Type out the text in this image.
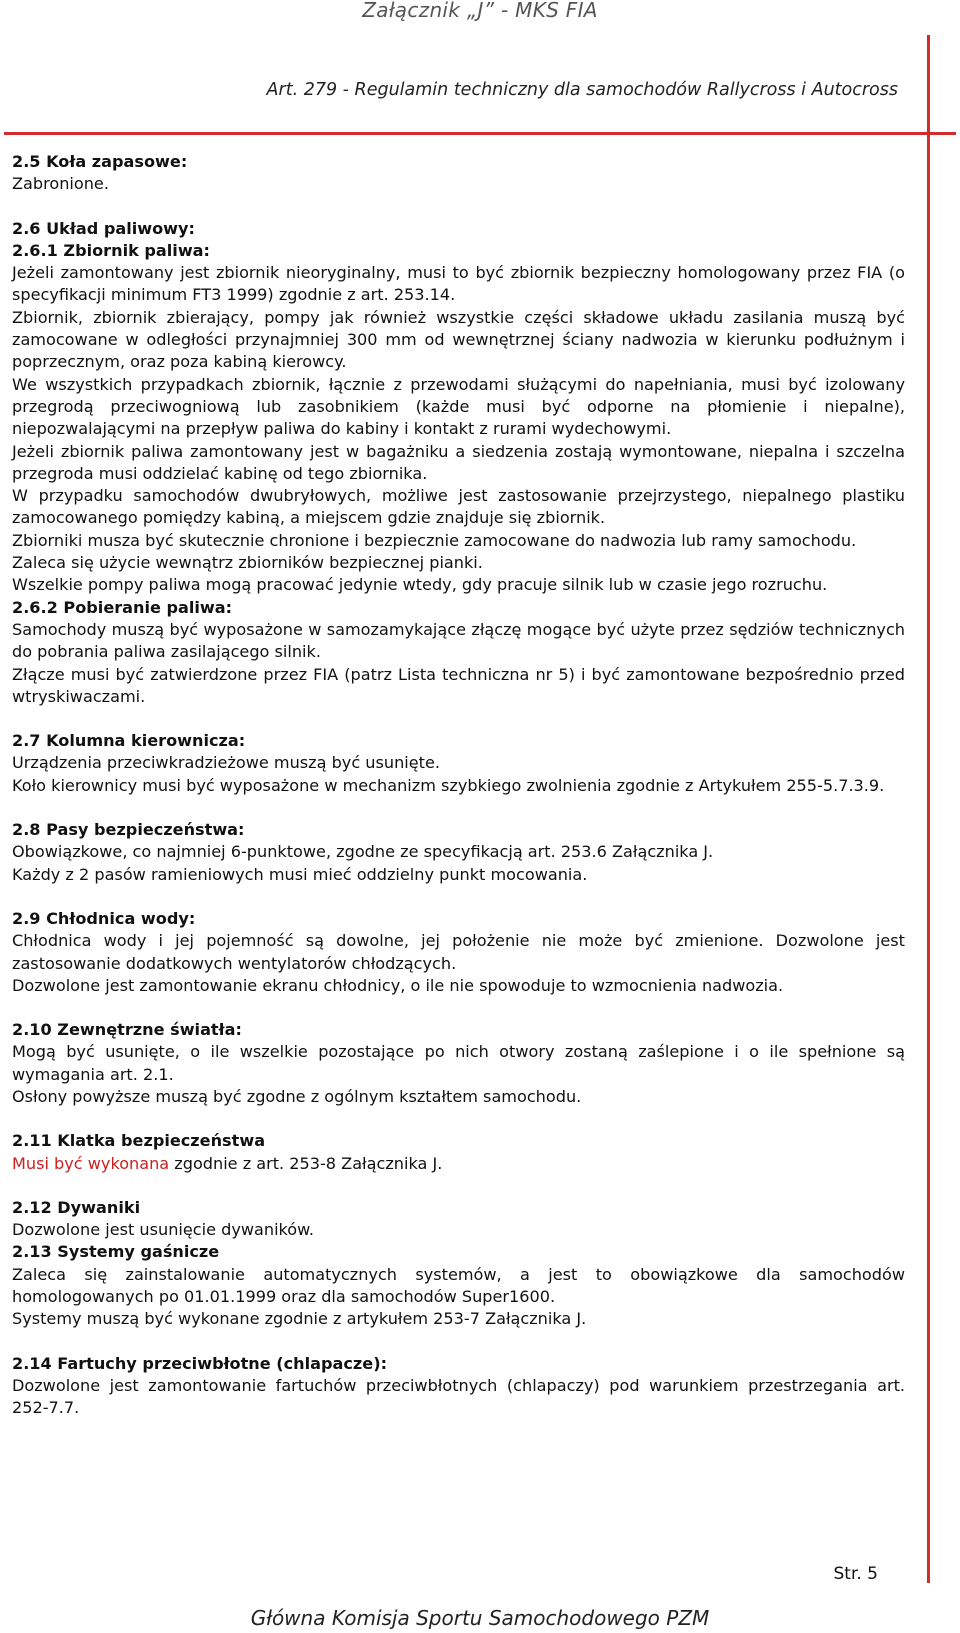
Załącznik „J” - MKS FIA
Art. 279 - Regulamin techniczny dla samochodów Rallycross i Autocross

2.5 Koła zapasowe:

Zabronione.

2.6 Układ paliwowy:

2.6.1 Zbiornik paliwa:

Jeżeli zamontowany jest zbiornik nieoryginalny, musi to być zbiornik bezpieczny homologowany przez FIA (o specyfikacji minimum FT3 1999) zgodnie z art. 253.14.

Zbiornik, zbiornik zbierający, pompy jak również wszystkie części składowe układu zasilania muszą być zamocowane w odległości przynajmniej 300 mm od wewnętrznej ściany nadwozia w kierunku podłużnym i poprzecznym, oraz poza kabiną kierowcy.

We wszystkich przypadkach zbiornik, łącznie z przewodami służącymi do napełniania, musi być izolowany przegrodą przeciwogniową lub zasobnikiem (każde musi być odporne na płomienie i niepalne), niepozwalającymi na przepływ paliwa do kabiny i kontakt z rurami wydechowymi.

Jeżeli zbiornik paliwa zamontowany jest w bagażniku a siedzenia zostają wymontowane, niepalna i szczelna przegroda musi oddzielać kabinę od tego zbiornika.

W przypadku samochodów dwubryłowych, możliwe jest zastosowanie przejrzystego, niepalnego plastiku zamocowanego pomiędzy kabiną, a miejscem gdzie znajduje się zbiornik.

Zbiorniki musza być skutecznie chronione i bezpiecznie zamocowane do nadwozia lub ramy samochodu.

Zaleca się użycie wewnątrz zbiorników bezpiecznej pianki.

Wszelkie pompy paliwa mogą pracować jedynie wtedy, gdy pracuje silnik lub w czasie jego rozruchu.

2.6.2 Pobieranie paliwa:

Samochody muszą być wyposażone w samozamykające złączę mogące być użyte przez sędziów technicznych do pobrania paliwa zasilającego silnik.

Złącze musi być zatwierdzone przez FIA (patrz Lista techniczna nr 5) i być zamontowane bezpośrednio przed wtryskiwaczami.

2.7 Kolumna kierownicza:

Urządzenia przeciwkradzieżowe muszą być usunięte.

Koło kierownicy musi być wyposażone w mechanizm szybkiego zwolnienia zgodnie z Artykułem 255-5.7.3.9.

2.8 Pasy bezpieczeństwa:

Obowiązkowe, co najmniej 6-punktowe, zgodne ze specyfikacją art. 253.6 Załącznika J.

Każdy z 2 pasów ramieniowych musi mieć oddzielny punkt mocowania.

2.9 Chłodnica wody:

Chłodnica wody i jej pojemność są dowolne, jej położenie nie może być zmienione. Dozwolone jest zastosowanie dodatkowych wentylatorów chłodzących.

Dozwolone jest zamontowanie ekranu chłodnicy, o ile nie spowoduje to wzmocnienia nadwozia.

2.10 Zewnętrzne światła:

Mogą być usunięte, o ile wszelkie pozostające po nich otwory zostaną zaślepione i o ile spełnione są wymagania art. 2.1.

Osłony powyższe muszą być zgodne z ogólnym kształtem samochodu.

2.11 Klatka bezpieczeństwa

Musi być wykonana zgodnie z art. 253-8 Załącznika J.

2.12 Dywaniki

Dozwolone jest usunięcie dywaników.

2.13 Systemy gaśnicze

Zaleca się zainstalowanie automatycznych systemów, a jest to obowiązkowe dla samochodów homologowanych po 01.01.1999 oraz dla samochodów Super1600.

Systemy muszą być wykonane zgodnie z artykułem 253-7 Załącznika J.

2.14 Fartuchy przeciwbłotne (chlapacze):

Dozwolone jest zamontowanie fartuchów przeciwbłotnych (chlapaczy) pod warunkiem przestrzegania art. 252-7.7.

Str. 5
Główna Komisja Sportu Samochodowego PZM
